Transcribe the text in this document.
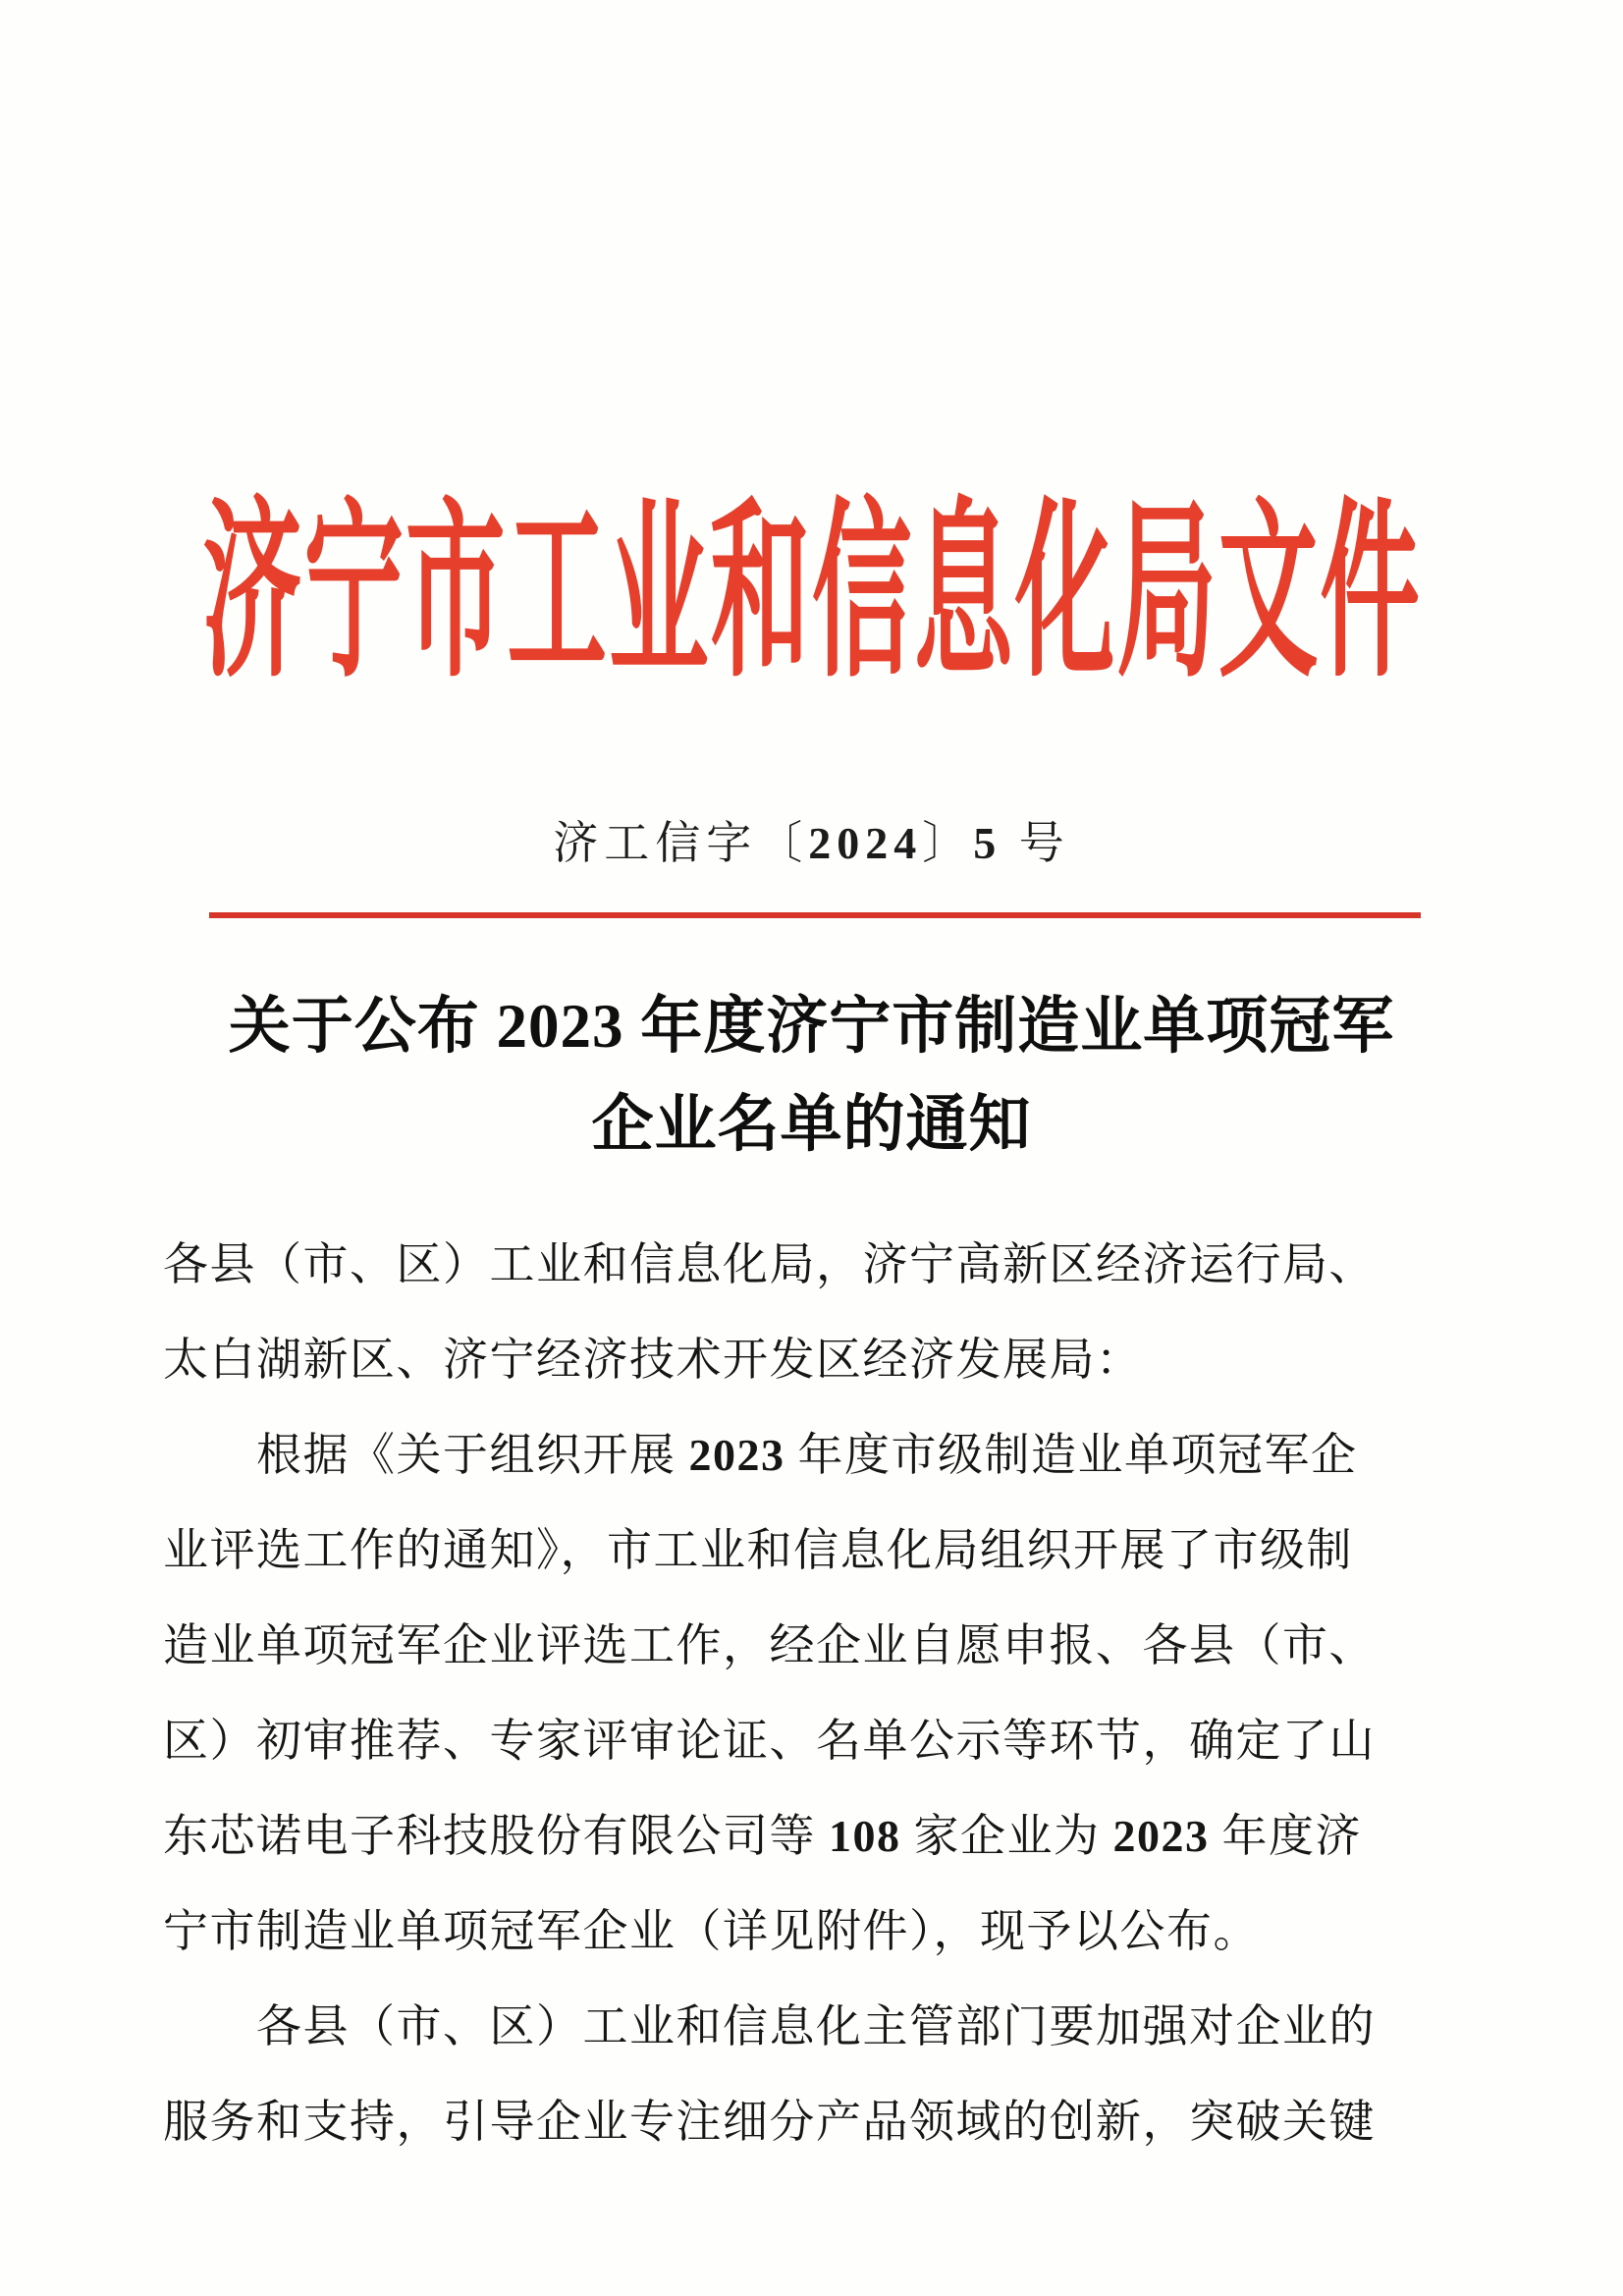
济宁市工业和信息化局文件
济工信字〔2024〕5 号
关于公布 2023 年度济宁市制造业单项冠军
企业名单的通知
各县（市、区）工业和信息化局，济宁高新区经济运行局、
太白湖新区、济宁经济技术开发区经济发展局：
根据《关于组织开展 2023 年度市级制造业单项冠军企
业评选工作的通知》，市工业和信息化局组织开展了市级制
造业单项冠军企业评选工作，经企业自愿申报、各县（市、
区）初审推荐、专家评审论证、名单公示等环节，确定了山
东芯诺电子科技股份有限公司等 108 家企业为 2023 年度济
宁市制造业单项冠军企业（详见附件），现予以公布。
各县（市、区）工业和信息化主管部门要加强对企业的
服务和支持，引导企业专注细分产品领域的创新，突破关键
